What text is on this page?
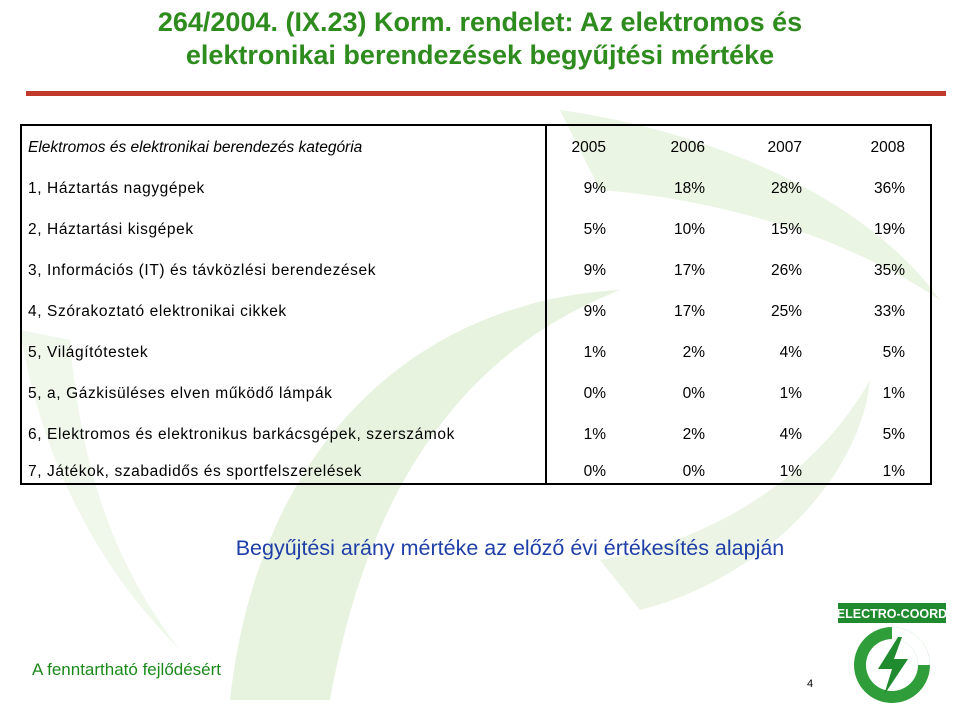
264/2004. (IX.23) Korm. rendelet: Az elektromos és
elektronikai berendezések begyűjtési mértéke
Elektromos és elektronikai berendezés kategória	2005	2006	2007	2008
1, Háztartás nagygépek	9%	18%	28%	36%
2, Háztartási kisgépek	5%	10%	15%	19%
3, Információs (IT) és távközlési berendezések	9%	17%	26%	35%
4, Szórakoztató elektronikai cikkek	9%	17%	25%	33%
5, Világítótestek	1%	2%	4%	5%
5, a, Gázkisüléses elven működő lámpák	0%	0%	1%	1%
6, Elektromos és elektronikus barkácsgépek, szerszámok	1%	2%	4%	5%
7, Játékok, szabadidős és sportfelszerelések	0%	0%	1%	1%
Begyűjtési arány mértéke az előző évi értékesítés alapján
A fenntartható fejlődésért
ELECTRO-COORD
4
